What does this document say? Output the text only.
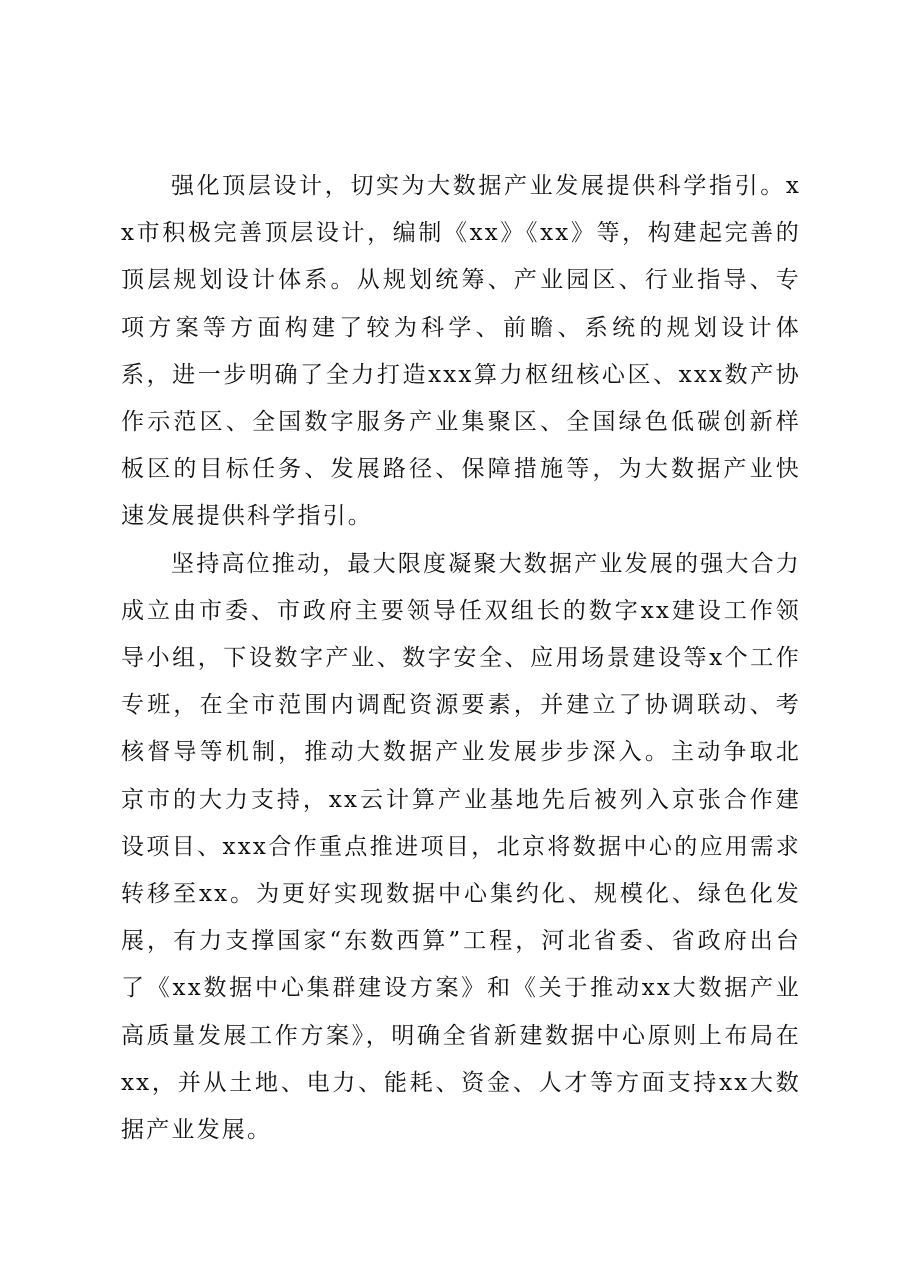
强化顶层设计，切实为大数据产业发展提供科学指引。xx市积极完善顶层设计，编制《xx》《xx》等，构建起完善的顶层规划设计体系。从规划统筹、产业园区、行业指导、专项方案等方面构建了较为科学、前瞻、系统的规划设计体系，进一步明确了全力打造xxx算力枢纽核心区、xxx数产协作示范区、全国数字服务产业集聚区、全国绿色低碳创新样板区的目标任务、发展路径、保障措施等，为大数据产业快速发展提供科学指引。

坚持高位推动，最大限度凝聚大数据产业发展的强大合力成立由市委、市政府主要领导任双组长的数字xx建设工作领导小组，下设数字产业、数字安全、应用场景建设等x个工作专班，在全市范围内调配资源要素，并建立了协调联动、考核督导等机制，推动大数据产业发展步步深入。主动争取北京市的大力支持，xx云计算产业基地先后被列入京张合作建设项目、xxx合作重点推进项目，北京将数据中心的应用需求转移至xx。为更好实现数据中心集约化、规模化、绿色化发展，有力支撑国家“东数西算”工程，河北省委、省政府出台了《xx数据中心集群建设方案》和《关于推动xx大数据产业高质量发展工作方案》，明确全省新建数据中心原则上布局在xx，并从土地、电力、能耗、资金、人才等方面支持xx大数据产业发展。
